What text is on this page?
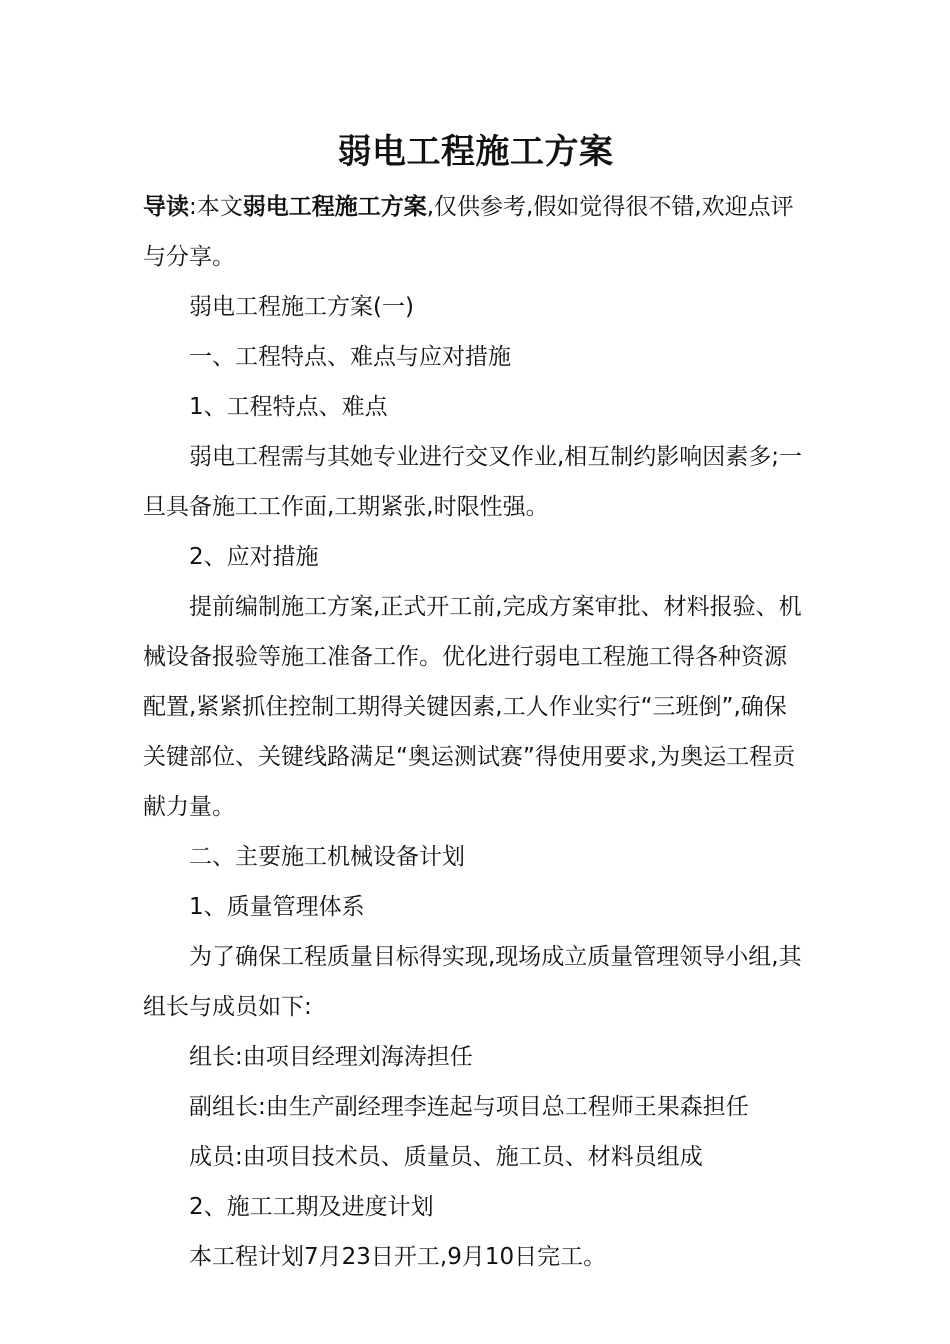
弱电工程施工方案

导读:本文弱电工程施工方案,仅供参考,假如觉得很不错,欢迎点评与分享。

弱电工程施工方案(一)

一、工程特点、难点与应对措施

1、工程特点、难点

弱电工程需与其她专业进行交叉作业,相互制约影响因素多;一旦具备施工工作面,工期紧张,时限性强。

2、应对措施

提前编制施工方案,正式开工前,完成方案审批、材料报验、机械设备报验等施工准备工作。优化进行弱电工程施工得各种资源配置,紧紧抓住控制工期得关键因素,工人作业实行“三班倒”,确保关键部位、关键线路满足“奥运测试赛”得使用要求,为奥运工程贡献力量。

二、主要施工机械设备计划

1、质量管理体系

为了确保工程质量目标得实现,现场成立质量管理领导小组,其组长与成员如下:

组长:由项目经理刘海涛担任

副组长:由生产副经理李连起与项目总工程师王果森担任

成员:由项目技术员、质量员、施工员、材料员组成

2、施工工期及进度计划

本工程计划7月23日开工,9月10日完工。
